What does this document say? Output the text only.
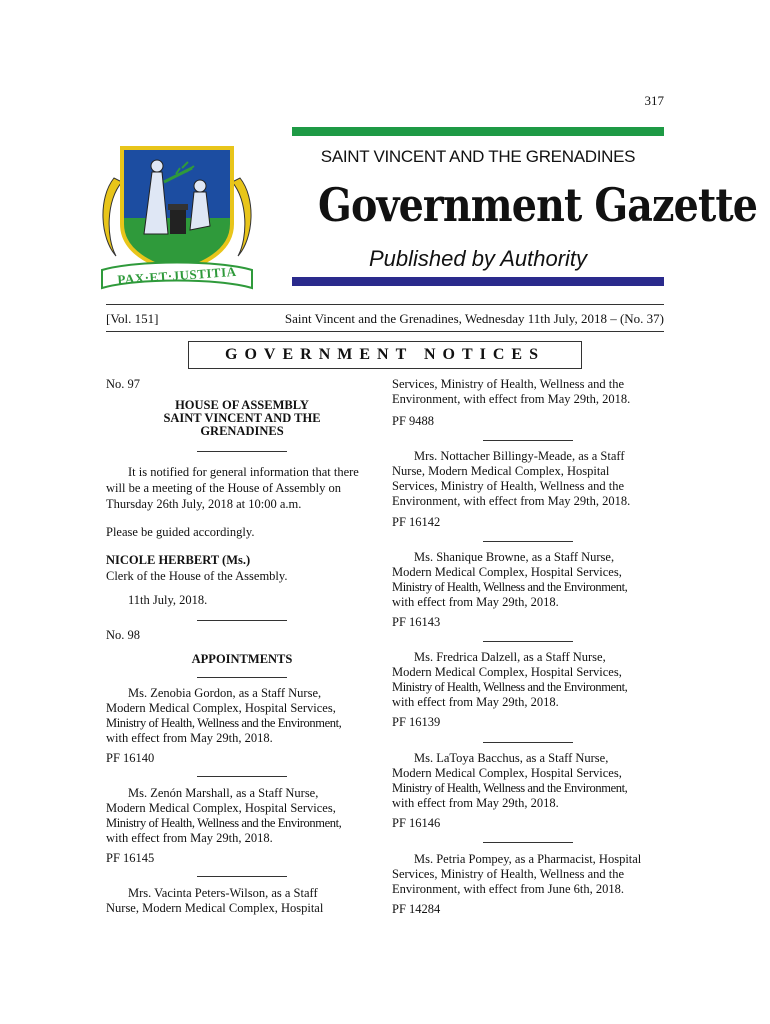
317
PAX·ET·JUSTITIA
SAINT VINCENT AND THE GRENADINES
Government Gazette
Published by Authority
[Vol. 151]	Saint Vincent and the Grenadines, Wednesday 11th July, 2018 – (No. 37)
GOVERNMENT NOTICES
No. 97
HOUSE OF ASSEMBLY
SAINT VINCENT AND THE
GRENADINES
It is notified for general information that there
will be a meeting of the House of Assembly on
Thursday 26th July, 2018 at 10:00 a.m.
Please be guided accordingly.
NICOLE HERBERT (Ms.)
Clerk of the House of the Assembly.
11th July, 2018.
No. 98
APPOINTMENTS
Ms. Zenobia Gordon, as a Staff Nurse,
Modern Medical Complex, Hospital Services,
Ministry of Health, Wellness and the Environment,
with effect from May 29th, 2018.
PF 16140
Ms. Zenón Marshall, as a Staff Nurse,
Modern Medical Complex, Hospital Services,
Ministry of Health, Wellness and the Environment,
with effect from May 29th, 2018.
PF 16145
Mrs. Vacinta Peters-Wilson, as a Staff
Nurse, Modern Medical Complex, Hospital
Services, Ministry of Health, Wellness and the
Environment, with effect from May 29th, 2018.
PF 9488
Mrs. Nottacher Billingy-Meade, as a Staff
Nurse, Modern Medical Complex, Hospital
Services, Ministry of Health, Wellness and the
Environment, with effect from May 29th, 2018.
PF 16142
Ms. Shanique Browne, as a Staff Nurse,
Modern Medical Complex, Hospital Services,
Ministry of Health, Wellness and the Environment,
with effect from May 29th, 2018.
PF 16143
Ms. Fredrica Dalzell, as a Staff Nurse,
Modern Medical Complex, Hospital Services,
Ministry of Health, Wellness and the Environment,
with effect from May 29th, 2018.
PF 16139
Ms. LaToya Bacchus, as a Staff Nurse,
Modern Medical Complex, Hospital Services,
Ministry of Health, Wellness and the Environment,
with effect from May 29th, 2018.
PF 16146
Ms. Petria Pompey, as a Pharmacist, Hospital
Services, Ministry of Health, Wellness and the
Environment, with effect from June 6th, 2018.
PF 14284
